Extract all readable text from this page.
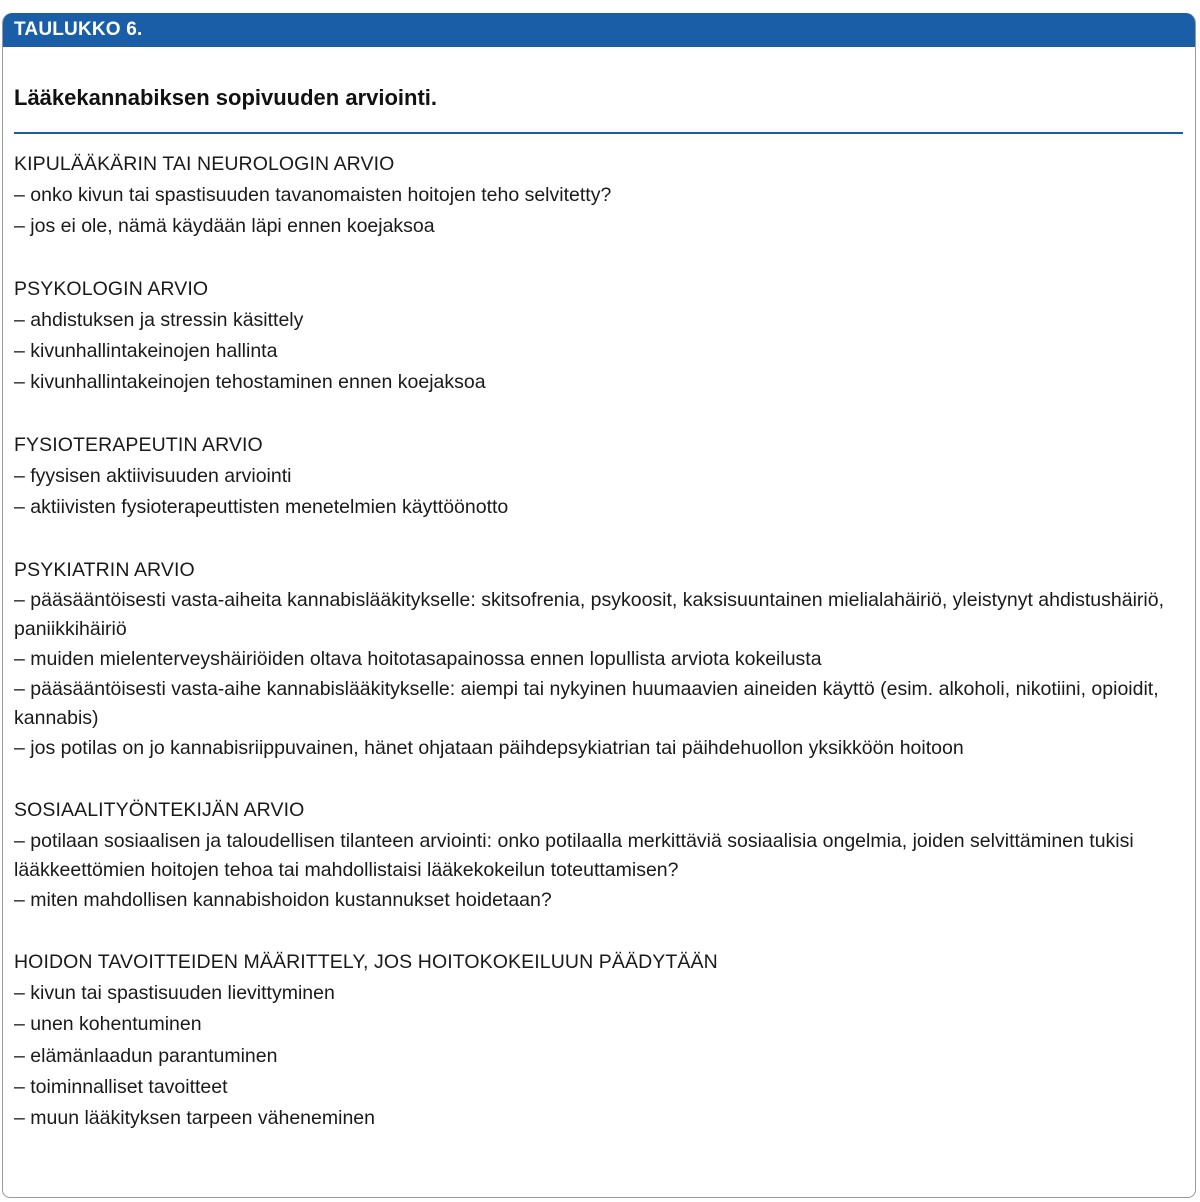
TAULUKKO 6.
Lääkekannabiksen sopivuuden arviointi.
KIPULÄÄKÄRIN TAI NEUROLOGIN ARVIO
– onko kivun tai spastisuuden tavanomaisten hoitojen teho selvitetty?
– jos ei ole, nämä käydään läpi ennen koejaksoa
PSYKOLOGIN ARVIO
– ahdistuksen ja stressin käsittely
– kivunhallintakeinojen hallinta
– kivunhallintakeinojen tehostaminen ennen koejaksoa
FYSIOTERAPEUTIN ARVIO
– fyysisen aktiivisuuden arviointi
– aktiivisten fysioterapeuttisten menetelmien käyttöönotto
PSYKIATRIN ARVIO
– pääsääntöisesti vasta-aiheita kannabislääkitykselle: skitsofrenia, psykoosit, kaksisuuntainen mielialahäiriö, yleistynyt ahdistushäiriö, paniikkihäiriö
– muiden mielenterveyshäiriöiden oltava hoitotasapainossa ennen lopullista arviota kokeilusta
– pääsääntöisesti vasta-aihe kannabislääkitykselle: aiempi tai nykyinen huumaavien aineiden käyttö (esim. alkoholi, nikotiini, opioidit, kannabis)
– jos potilas on jo kannabisriippuvainen, hänet ohjataan päihdepsykiatrian tai päihdehuollon yksikköön hoitoon
SOSIAALITYÖNTEKIJÄN ARVIO
– potilaan sosiaalisen ja taloudellisen tilanteen arviointi: onko potilaalla merkittäviä sosiaalisia ongelmia, joiden selvittäminen tukisi lääkkeettömien hoitojen tehoa tai mahdollistaisi lääkekokeilun toteuttamisen?
– miten mahdollisen kannabishoidon kustannukset hoidetaan?
HOIDON TAVOITTEIDEN MÄÄRITTELY, JOS HOITOKOKEILUUN PÄÄDYTÄÄN
– kivun tai spastisuuden lievittyminen
– unen kohentuminen
– elämänlaadun parantuminen
– toiminnalliset tavoitteet
– muun lääkityksen tarpeen väheneminen
